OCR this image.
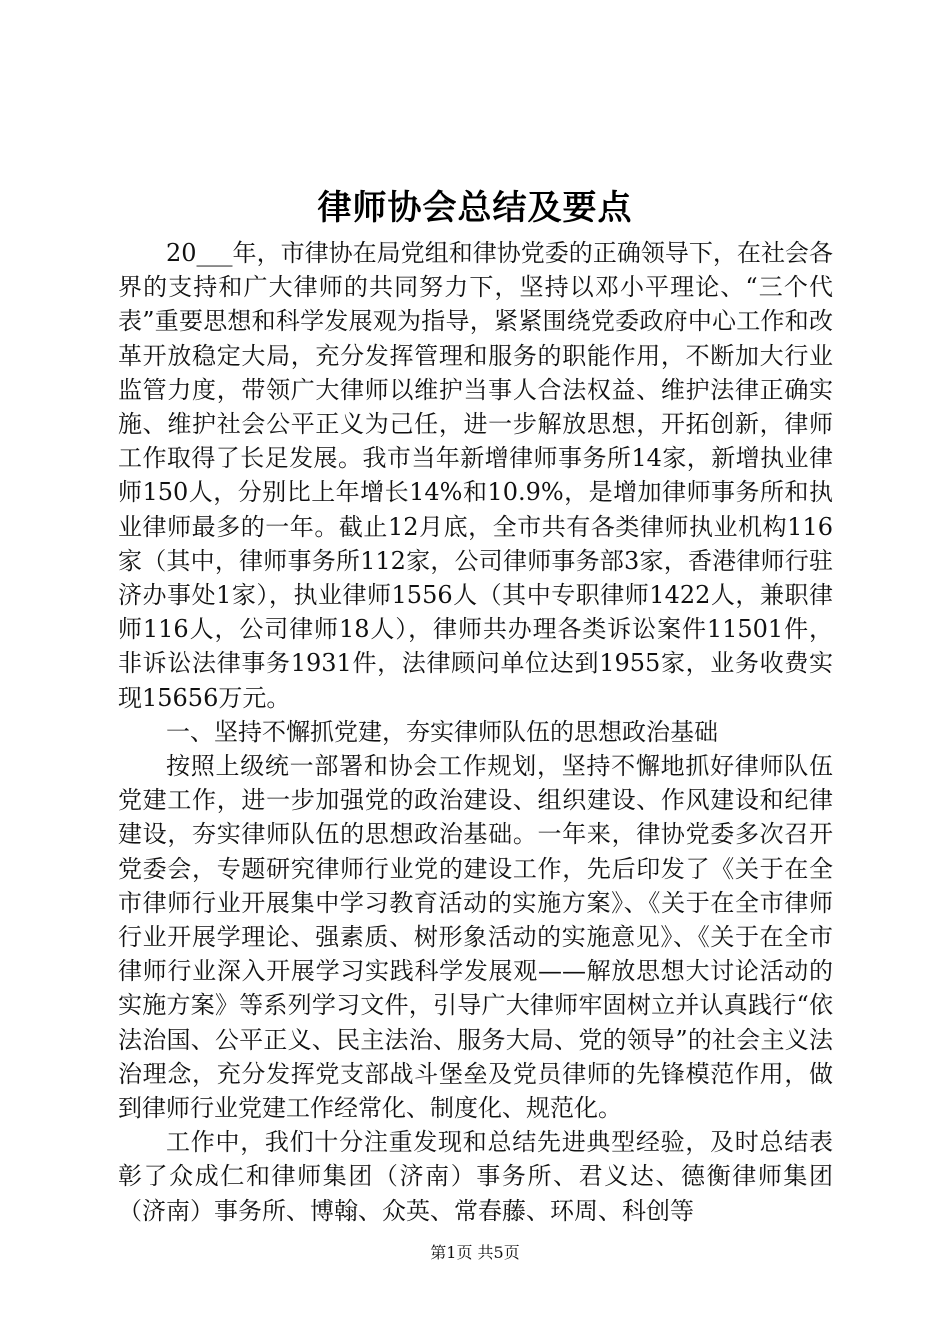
律师协会总结及要点

20___年，市律协在局党组和律协党委的正确领导下，在社会各界的支持和广大律师的共同努力下，坚持以邓小平理论、“三个代表”重要思想和科学发展观为指导，紧紧围绕党委政府中心工作和改革开放稳定大局，充分发挥管理和服务的职能作用，不断加大行业监管力度，带领广大律师以维护当事人合法权益、维护法律正确实施、维护社会公平正义为己任，进一步解放思想，开拓创新，律师工作取得了长足发展。我市当年新增律师事务所14家，新增执业律师150人，分别比上年增长14%和10.9%，是增加律师事务所和执业律师最多的一年。截止12月底，全市共有各类律师执业机构116家（其中，律师事务所112家，公司律师事务部3家，香港律师行驻济办事处1家），执业律师1556人（其中专职律师1422人，兼职律师116人，公司律师18人），律师共办理各类诉讼案件11501件，非诉讼法律事务1931件，法律顾问单位达到1955家，业务收费实现15656万元。

一、坚持不懈抓党建，夯实律师队伍的思想政治基础

按照上级统一部署和协会工作规划，坚持不懈地抓好律师队伍党建工作，进一步加强党的政治建设、组织建设、作风建设和纪律建设，夯实律师队伍的思想政治基础。一年来，律协党委多次召开党委会，专题研究律师行业党的建设工作，先后印发了《关于在全市律师行业开展集中学习教育活动的实施方案》、《关于在全市律师行业开展学理论、强素质、树形象活动的实施意见》、《关于在全市律师行业深入开展学习实践科学发展观——解放思想大讨论活动的实施方案》等系列学习文件，引导广大律师牢固树立并认真践行“依法治国、公平正义、民主法治、服务大局、党的领导”的社会主义法治理念，充分发挥党支部战斗堡垒及党员律师的先锋模范作用，做到律师行业党建工作经常化、制度化、规范化。

工作中，我们十分注重发现和总结先进典型经验，及时总结表彰了众成仁和律师集团（济南）事务所、君义达、德衡律师集团（济南）事务所、博翰、众英、常春藤、环周、科创等

第1页 共5页
